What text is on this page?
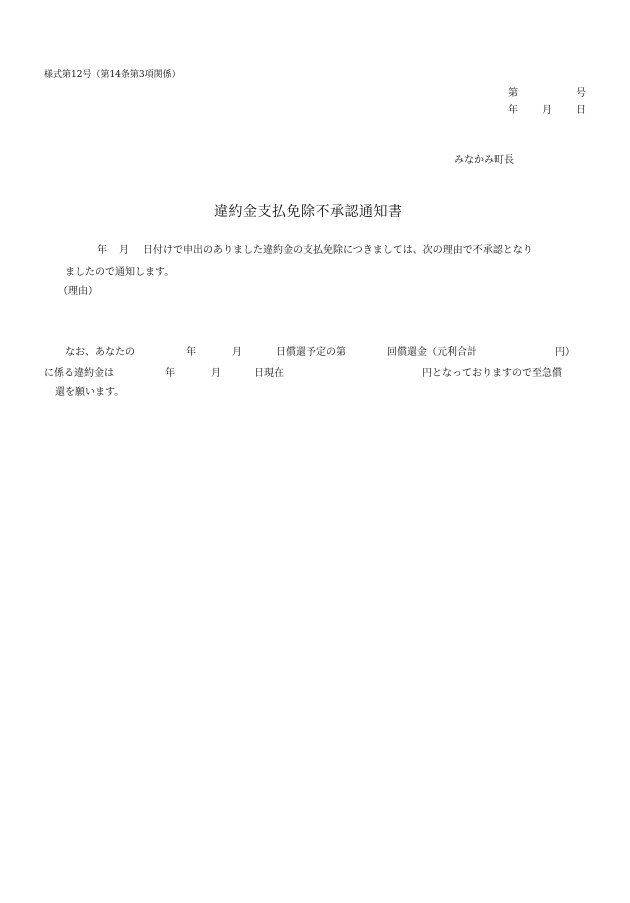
様式第12号（第14条第3項関係）
第	号
年 月 日
みなかみ町長
違約金支払免除不承認通知書
年 月 日付けで申出のありました違約金の支払免除につきましては、次の理由で不承認となり
ましたので通知します。
（理由）
なお、あなたの	年	月	日償還予定の第	回償還金（元利合計	円）
に係る違約金は	年	月	日現在	円となっておりますので至急償
還を願います。
